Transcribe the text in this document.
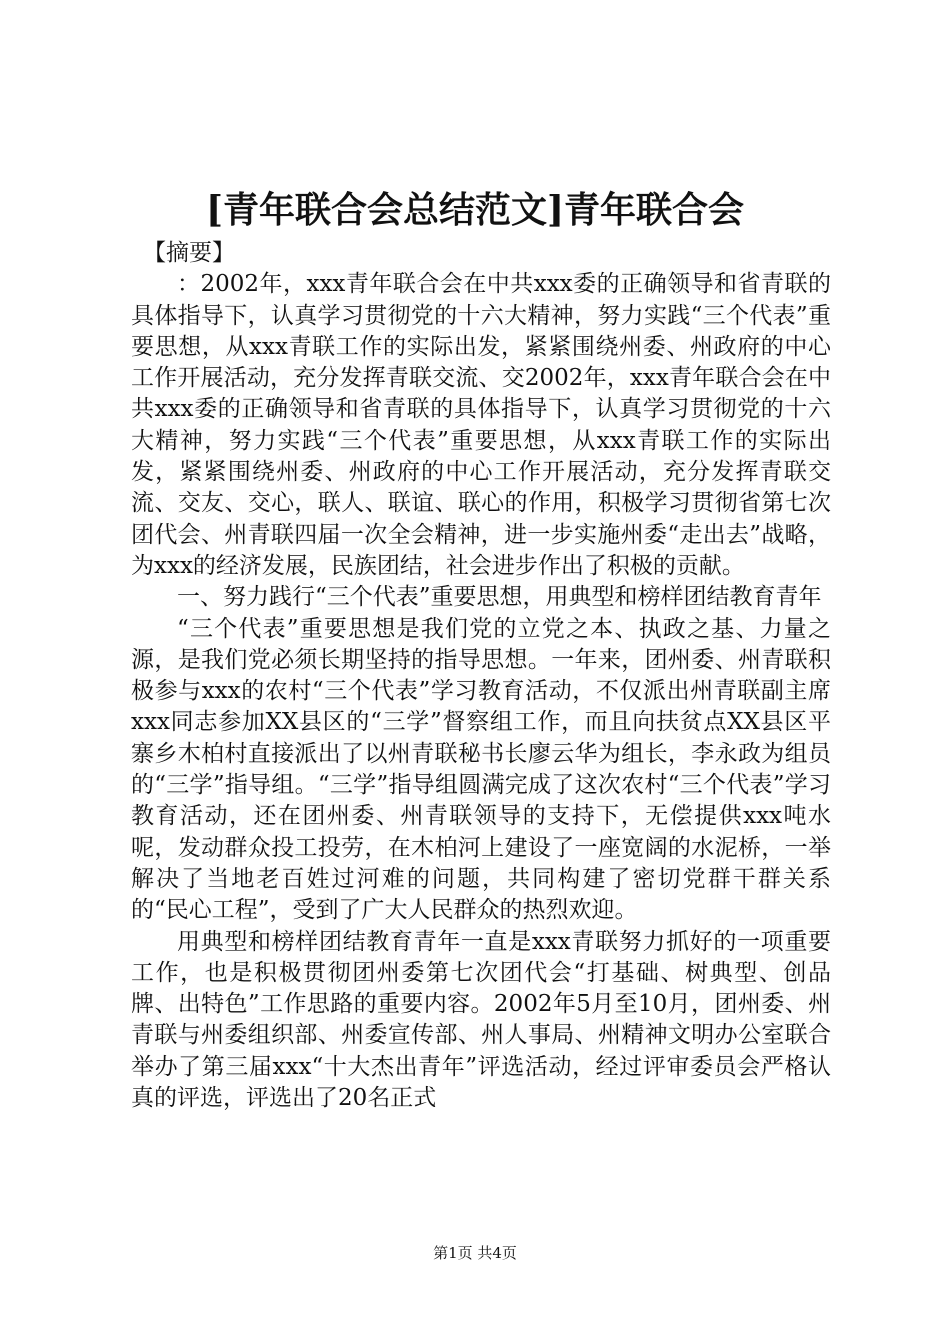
[青年联合会总结范文]青年联合会

【摘要】

：2002年，xxx青年联合会在中共xxx委的正确领导和省青联的具体指导下，认真学习贯彻党的十六大精神，努力实践“三个代表”重要思想，从xxx青联工作的实际出发，紧紧围绕州委、州政府的中心工作开展活动，充分发挥青联交流、交2002年，xxx青年联合会在中共xxx委的正确领导和省青联的具体指导下，认真学习贯彻党的十六大精神，努力实践“三个代表”重要思想，从xxx青联工作的实际出发，紧紧围绕州委、州政府的中心工作开展活动，充分发挥青联交流、交友、交心，联人、联谊、联心的作用，积极学习贯彻省第七次团代会、州青联四届一次全会精神，进一步实施州委“走出去”战略，为xxx的经济发展，民族团结，社会进步作出了积极的贡献。

一、努力践行“三个代表”重要思想，用典型和榜样团结教育青年

“三个代表”重要思想是我们党的立党之本、执政之基、力量之源，是我们党必须长期坚持的指导思想。一年来，团州委、州青联积极参与xxx的农村“三个代表”学习教育活动，不仅派出州青联副主席xxx同志参加XX县区的“三学”督察组工作，而且向扶贫点XX县区平寨乡木柏村直接派出了以州青联秘书长廖云华为组长，李永政为组员的“三学”指导组。“三学”指导组圆满完成了这次农村“三个代表”学习教育活动，还在团州委、州青联领导的支持下，无偿提供xxx吨水呢，发动群众投工投劳，在木柏河上建设了一座宽阔的水泥桥，一举解决了当地老百姓过河难的问题，共同构建了密切党群干群关系的“民心工程”，受到了广大人民群众的热烈欢迎。

用典型和榜样团结教育青年一直是xxx青联努力抓好的一项重要工作，也是积极贯彻团州委第七次团代会“打基础、树典型、创品牌、出特色”工作思路的重要内容。2002年5月至10月，团州委、州青联与州委组织部、州委宣传部、州人事局、州精神文明办公室联合举办了第三届xxx“十大杰出青年”评选活动，经过评审委员会严格认真的评选，评选出了20名正式

第1页 共4页
